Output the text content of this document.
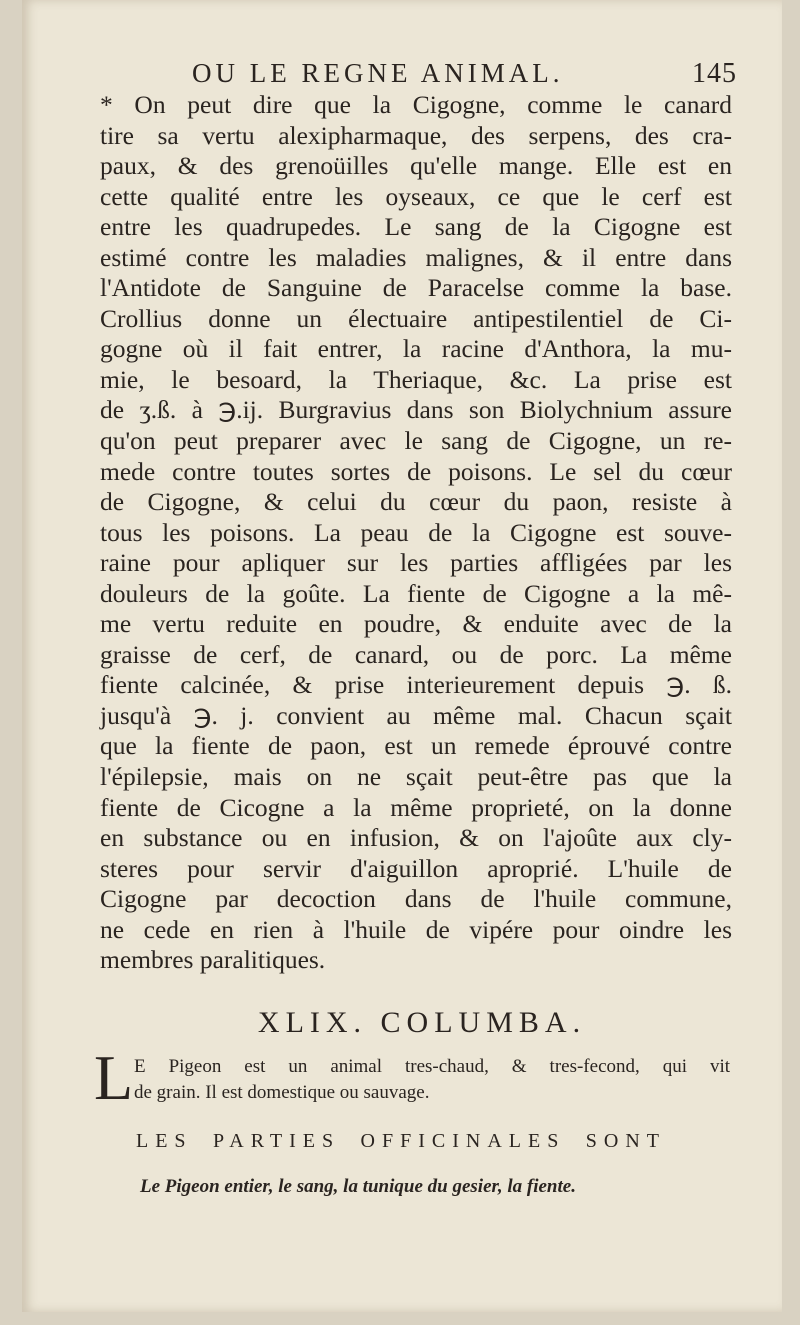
OU LE REGNE ANIMAL.	145
* On peut dire que la Cigogne, comme le canard
tire sa vertu alexipharmaque, des serpens, des cra-
paux, & des grenoüilles qu'elle mange. Elle est en
cette qualité entre les oyseaux, ce que le cerf est
entre les quadrupedes. Le sang de la Cigogne est
estimé contre les maladies malignes, & il entre dans
l'Antidote de Sanguine de Paracelse comme la base.
Crollius donne un électuaire antipestilentiel de Ci-
gogne où il fait entrer, la racine d'Anthora, la mu-
mie, le besoard, la Theriaque, &c. La prise est
de ʒ.ß. à ℈.ij. Burgravius dans son Biolychnium assure
qu'on peut preparer avec le sang de Cigogne, un re-
mede contre toutes sortes de poisons. Le sel du cœur
de Cigogne, & celui du cœur du paon, resiste à
tous les poisons. La peau de la Cigogne est souve-
raine pour apliquer sur les parties affligées par les
douleurs de la goûte. La fiente de Cigogne a la mê-
me vertu reduite en poudre, & enduite avec de la
graisse de cerf, de canard, ou de porc. La même
fiente calcinée, & prise interieurement depuis ℈. ß.
jusqu'à ℈. j. convient au même mal. Chacun sçait
que la fiente de paon, est un remede éprouvé contre
l'épilepsie, mais on ne sçait peut-être pas que la
fiente de Cicogne a la même proprieté, on la donne
en substance ou en infusion, & on l'ajoûte aux cly-
steres pour servir d'aiguillon aproprié. L'huile de
Cigogne par decoction dans de l'huile commune,
ne cede en rien à l'huile de vipére pour oindre les
membres paralitiques.
XLIX. COLUMBA.
L E Pigeon est un animal tres-chaud, & tres-fecond, qui vit
de grain. Il est domestique ou sauvage.
LES PARTIES OFFICINALES SONT
Le Pigeon entier, le sang, la tunique du gesier, la fiente.
